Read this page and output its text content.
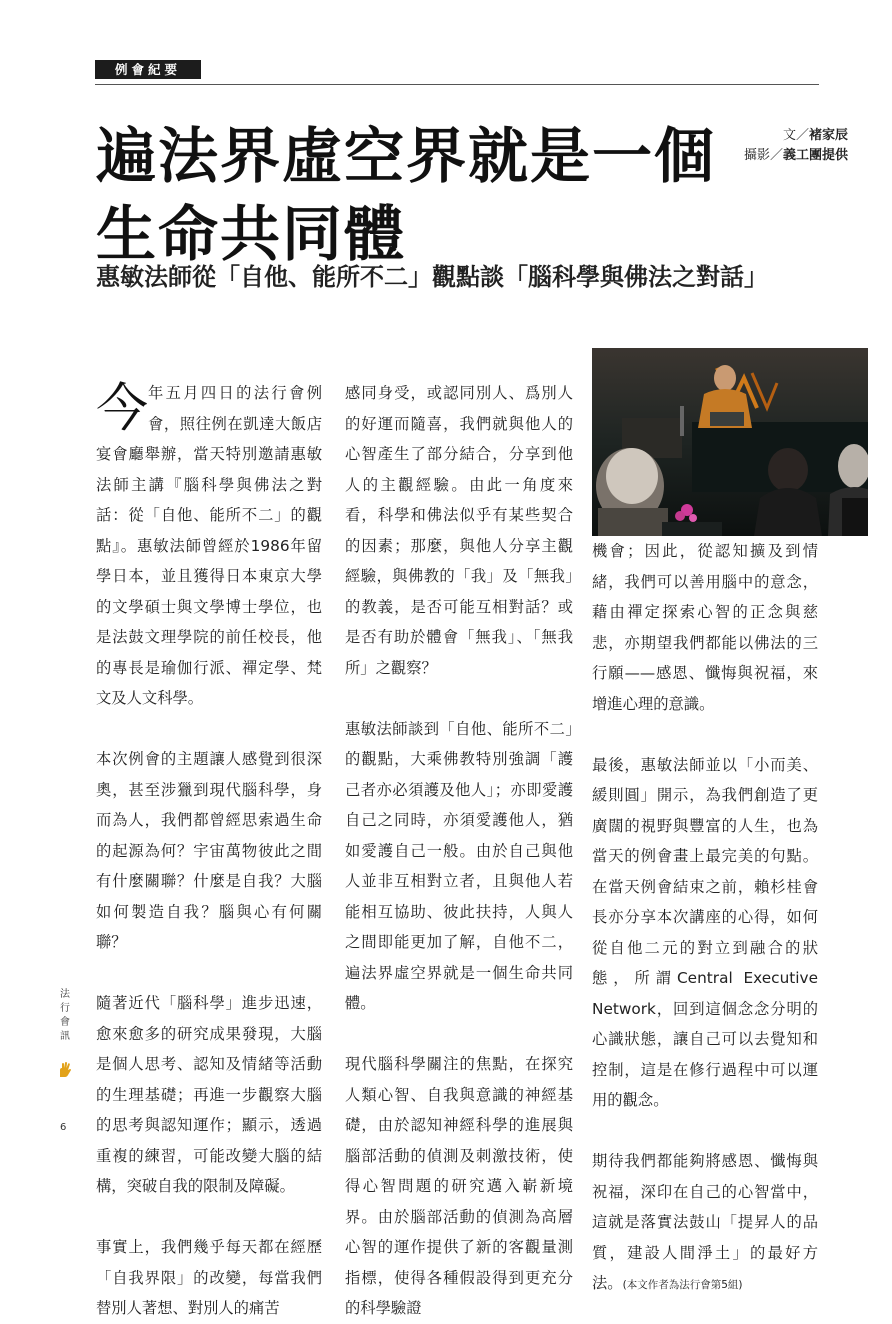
例會紀要
遍法界虛空界就是一個
生命共同體
惠敏法師從「自他、能所不二」觀點談「腦科學與佛法之對話」
文／褚家辰
攝影／義工團提供

今年五月四日的法行會例會，照往例在凱達大飯店宴會廳舉辦，當天特別邀請惠敏法師主講『腦科學與佛法之對話：從「自他、能所不二」的觀點』。惠敏法師曾經於1986年留學日本，並且獲得日本東京大學的文學碩士與文學博士學位，也是法鼓文理學院的前任校長，他的專長是瑜伽行派、禪定學、梵文及人文科學。

本次例會的主題讓人感覺到很深奧，甚至涉獵到現代腦科學，身而為人，我們都曾經思索過生命的起源為何？宇宙萬物彼此之間有什麼關聯？什麼是自我？大腦如何製造自我？腦與心有何關聯？

隨著近代「腦科學」進步迅速，愈來愈多的研究成果發現，大腦是個人思考、認知及情緒等活動的生理基礎；再進一步觀察大腦的思考與認知運作；顯示，透過重複的練習，可能改變大腦的結構，突破自我的限制及障礙。

事實上，我們幾乎每天都在經歷「自我界限」的改變，每當我們替別人著想、對別人的痛苦

感同身受，或認同別人、爲別人的好運而隨喜，我們就與他人的心智產生了部分結合，分享到他人的主觀經驗。由此一角度來看，科學和佛法似乎有某些契合的因素；那麼，與他人分享主觀經驗，與佛教的「我」及「無我」的教義，是否可能互相對話？或是否有助於體會「無我」、「無我所」之觀察？

惠敏法師談到「自他、能所不二」的觀點，大乘佛教特別強調「護己者亦必須護及他人」；亦即愛護自己之同時，亦須愛護他人，猶如愛護自己一般。由於自己與他人並非互相對立者，且與他人若能相互協助、彼此扶持，人與人之間即能更加了解，自他不二，遍法界虛空界就是一個生命共同體。

現代腦科學關注的焦點，在探究人類心智、自我與意識的神經基礎，由於認知神經科學的進展與腦部活動的偵測及刺激技術，使得心智問題的研究邁入嶄新境界。由於腦部活動的偵測為高層心智的運作提供了新的客觀量測指標，使得各種假設得到更充分的科學驗證

機會；因此，從認知擴及到情緒，我們可以善用腦中的意念，藉由禪定探索心智的正念與慈悲，亦期望我們都能以佛法的三行願——感恩、懺悔與祝福，來增進心理的意識。

最後，惠敏法師並以「小而美、緩則圓」開示，為我們創造了更廣闊的視野與豐富的人生，也為當天的例會畫上最完美的句點。在當天例會結束之前，賴杉桂會長亦分享本次講座的心得，如何從自他二元的對立到融合的狀態，所謂Central Executive Network，回到這個念念分明的心識狀態，讓自己可以去覺知和控制，這是在修行過程中可以運用的觀念。

期待我們都能夠將感恩、懺悔與祝福，深印在自己的心智當中，這就是落實法鼓山「提昇人的品質，建設人間淨土」的最好方法。(本文作者為法行會第5組)

法行會訊
6
